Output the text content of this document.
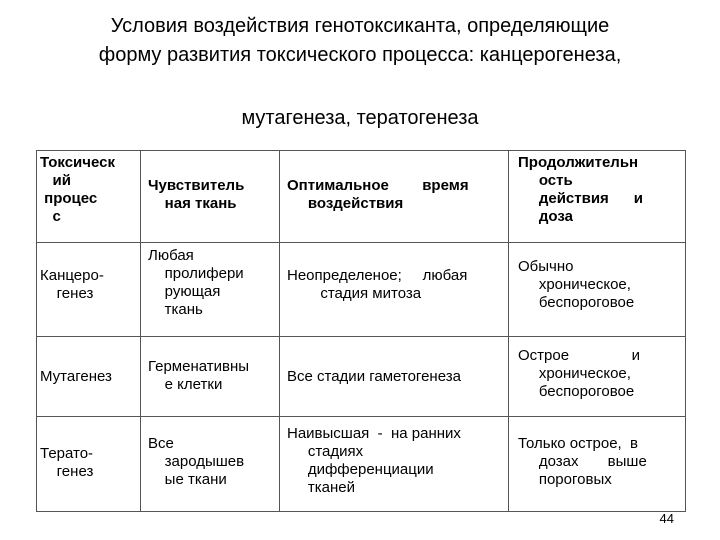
Условия воздействия генотоксиканта, определяющие
форму развития токсического процесса: канцерогенеза,
мутагенеза, тератогенеза
Токсическ
ий
процес
с
Чувствитель
ная ткань
Оптимальное        время
воздействия
Продолжительн
ость
действия      и
доза
Канцеро-
генез
Любая
пролифери
рующая
ткань
Неопределеное;     любая
стадия митоза
Обычно
хроническое,
беспороговое
Мутагенез
Герменативны
е клетки	Все стадии гаметогенеза
Острое               и
хроническое,
беспороговое
Терато-
генез
Все
зародышев
ые ткани
Наивысшая  -  на ранних
стадиях
дифференциации
тканей
Только острое,  в
дозах       выше
пороговых
44
